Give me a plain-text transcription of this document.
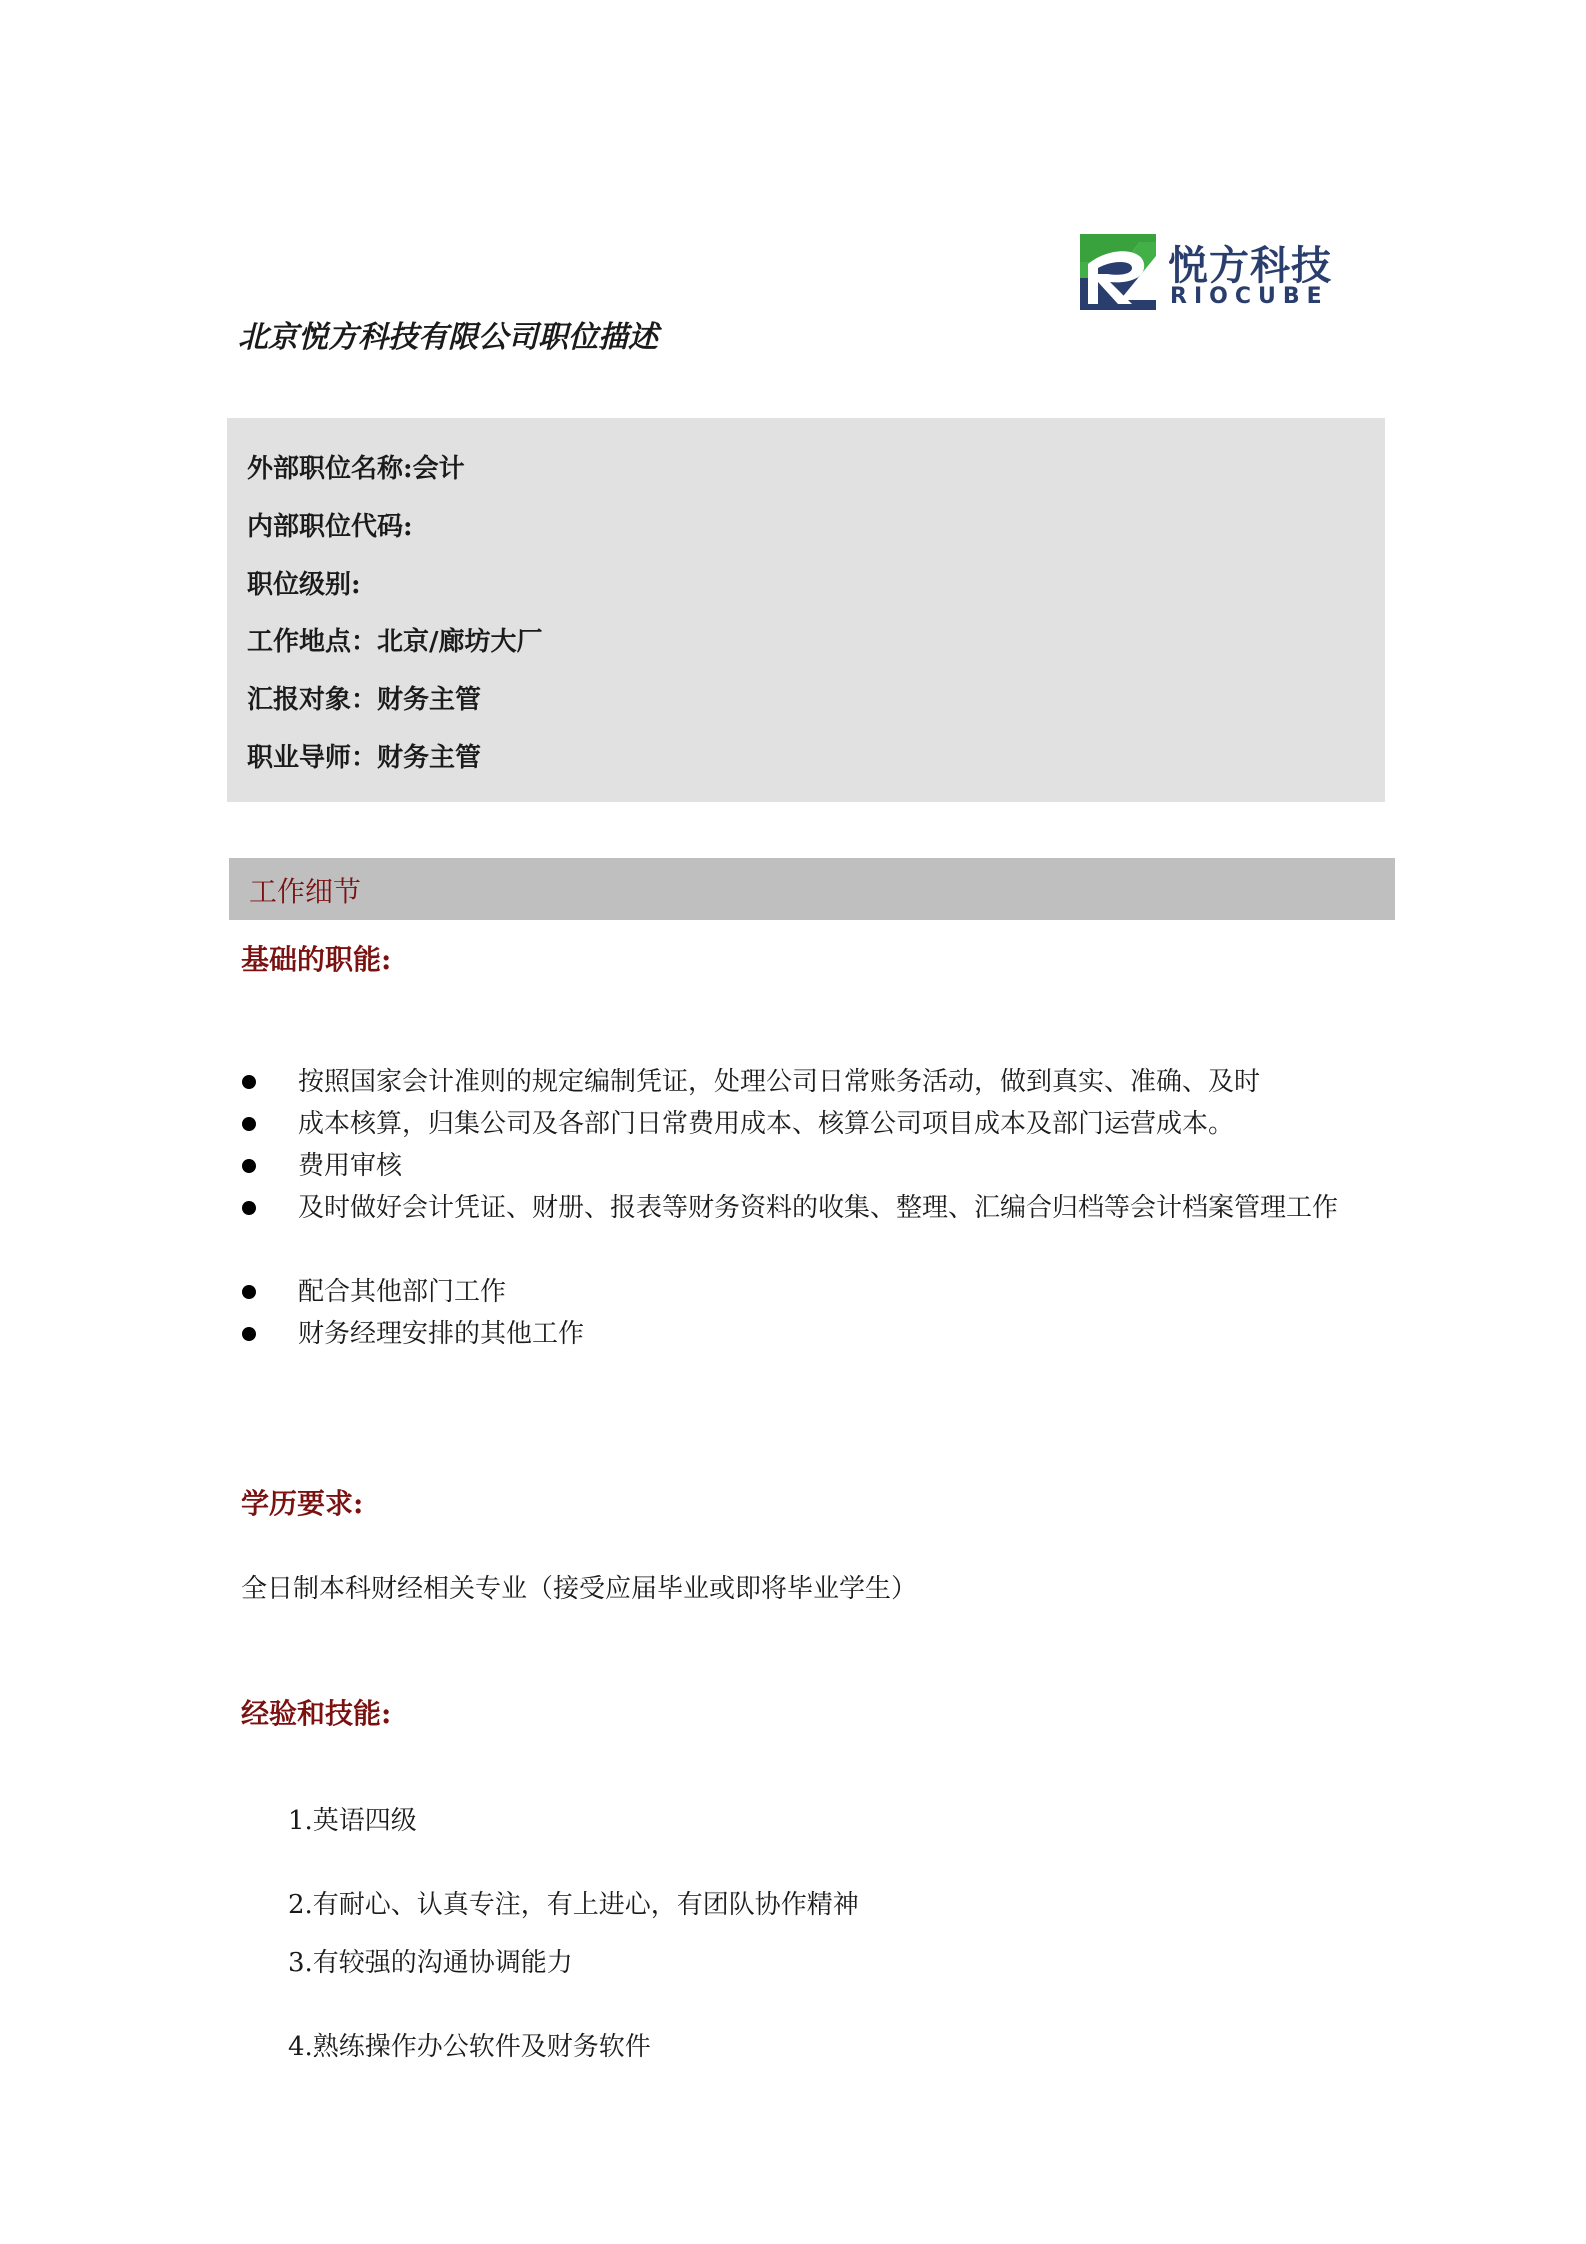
悦方科技
RIOCUBE
北京悦方科技有限公司职位描述
外部职位名称:会计
内部职位代码:
职位级别:
工作地点：北京/廊坊大厂
汇报对象：财务主管
职业导师：财务主管
工作细节
基础的职能:
按照国家会计准则的规定编制凭证，处理公司日常账务活动，做到真实、准确、及时
成本核算，归集公司及各部门日常费用成本、核算公司项目成本及部门运营成本。
费用审核
及时做好会计凭证、财册、报表等财务资料的收集、整理、汇编合归档等会计档案管理工作
配合其他部门工作
财务经理安排的其他工作
学历要求:
全日制本科财经相关专业（接受应届毕业或即将毕业学生）
经验和技能:
1.英语四级
2.有耐心、认真专注，有上进心，有团队协作精神
3.有较强的沟通协调能力
4.熟练操作办公软件及财务软件
